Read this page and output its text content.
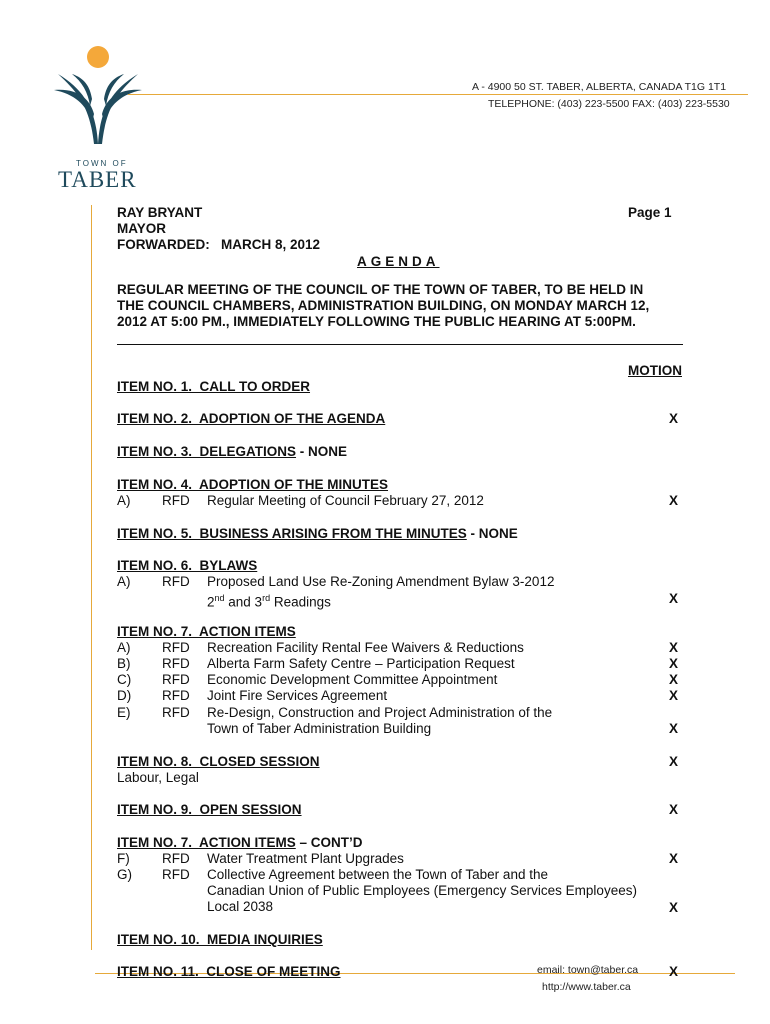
TOWN OF
TABER
A - 4900 50 ST. TABER, ALBERTA, CANADA T1G 1T1
TELEPHONE: (403) 223-5500 FAX: (403) 223-5530
RAY BRYANT
MAYOR
FORWARDED:   MARCH 8, 2012
Page 1
AGENDA
REGULAR MEETING OF THE COUNCIL OF THE TOWN OF TABER, TO BE HELD IN
THE COUNCIL CHAMBERS, ADMINISTRATION BUILDING, ON MONDAY MARCH 12,
2012 AT 5:00 PM., IMMEDIATELY FOLLOWING THE PUBLIC HEARING AT 5:00PM.
MOTION
ITEM NO. 1.  CALL TO ORDER
ITEM NO. 2.  ADOPTION OF THE AGENDA	X
ITEM NO. 3.  DELEGATIONS - NONE
ITEM NO. 4.  ADOPTION OF THE MINUTES
A) RFD Regular Meeting of Council February 27, 2012	X
ITEM NO. 5.  BUSINESS ARISING FROM THE MINUTES - NONE
ITEM NO. 6.  BYLAWS
A) RFD Proposed Land Use Re-Zoning Amendment Bylaw 3-2012
2nd and 3rd Readings	X
ITEM NO. 7.  ACTION ITEMS
A) RFD Recreation Facility Rental Fee Waivers & Reductions	X
B) RFD Alberta Farm Safety Centre – Participation Request	X
C) RFD Economic Development Committee Appointment	X
D) RFD Joint Fire Services Agreement	X
E) RFD Re-Design, Construction and Project Administration of the
Town of Taber Administration Building	X
ITEM NO. 8.  CLOSED SESSION	X
Labour, Legal
ITEM NO. 9.  OPEN SESSION	X
ITEM NO. 7.  ACTION ITEMS – CONT’D
F) RFD Water Treatment Plant Upgrades	X
G) RFD Collective Agreement between the Town of Taber and the
Canadian Union of Public Employees (Emergency Services Employees)
Local 2038	X
ITEM NO. 10.  MEDIA INQUIRIES
ITEM NO. 11.  CLOSE OF MEETING	X
email: town@taber.ca
http://www.taber.ca
